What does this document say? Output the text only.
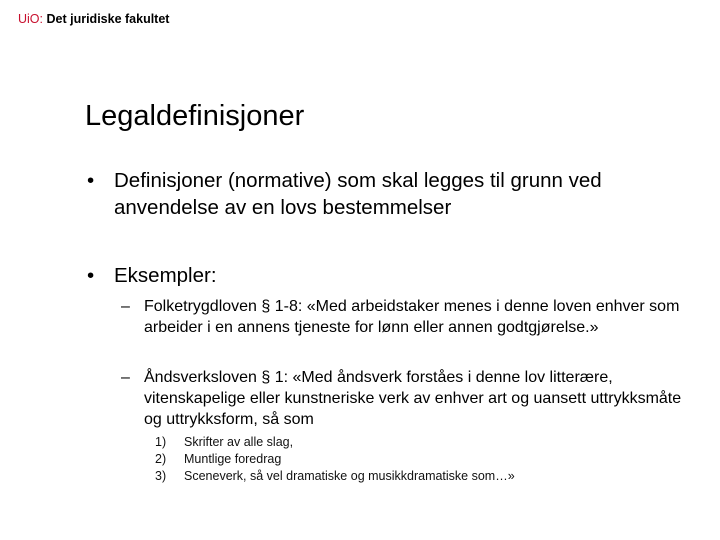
UiO: Det juridiske fakultet
Legaldefinisjoner
• Definisjoner (normative) som skal legges til grunn ved anvendelse av en lovs bestemmelser
• Eksempler:
– Folketrygdloven § 1-8: «Med arbeidstaker menes i denne loven enhver som arbeider i en annens tjeneste for lønn eller annen godtgjørelse.»
– Åndsverksloven § 1: «Med åndsverk forståes i denne lov litterære, vitenskapelige eller kunstneriske verk av enhver art og uansett uttrykksmåte og uttrykksform, så som
1)	Skrifter av alle slag,
2)	Muntlige foredrag
3)	Sceneverk, så vel dramatiske og musikkdramatiske som…»
